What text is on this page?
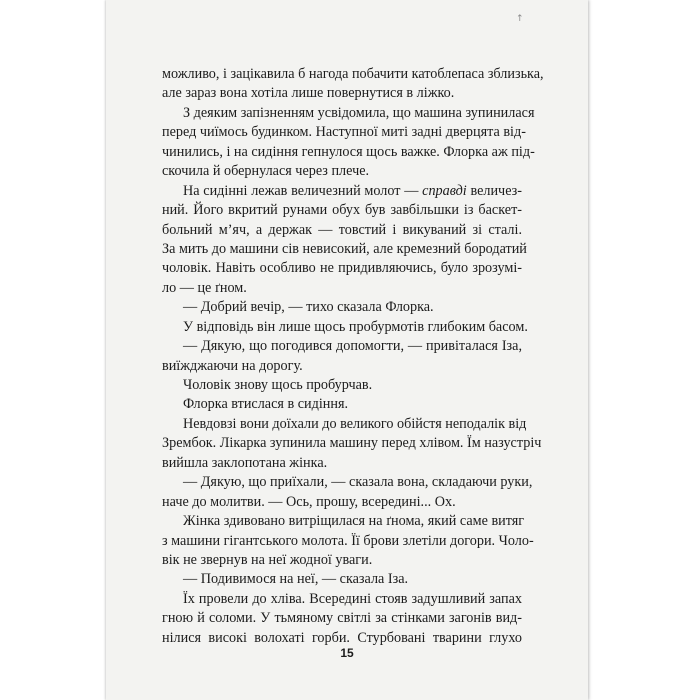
↑
можливо, і зацікавила б нагода побачити катоблепаса зблизька,
але зараз вона хотіла лише повернутися в ліжко.
З деяким запізненням усвідомила, що машина зупинилася
перед чиїмось будинком. Наступної миті задні дверцята від-
чинились, і на сидіння гепнулося щось важке. Флорка аж під-
скочила й обернулася через плече.
На сидінні лежав величезний молот — справді величез-
ний. Його вкритий рунами обух був завбільшки із баскет-
больний м’яч, а держак — товстий і викуваний зі сталі.
За мить до машини сів невисокий, але кремезний бородатий
чоловік. Навіть особливо не придивляючись, було зрозумі-
ло — це ґном.
— Добрий вечір, — тихо сказала Флорка.
У відповідь він лише щось пробурмотів глибоким басом.
— Дякую, що погодився допомогти, — привіталася Іза,
виїжджаючи на дорогу.
Чоловік знову щось пробурчав.
Флорка втислася в сидіння.
Невдовзі вони доїхали до великого обійстя неподалік від
Зрембок. Лікарка зупинила машину перед хлівом. Їм назустріч
вийшла заклопотана жінка.
— Дякую, що приїхали, — сказала вона, складаючи руки,
наче до молитви. — Ось, прошу, всередині... Ох.
Жінка здивовано витріщилася на ґнома, який саме витяг
з машини гігантського молота. Її брови злетіли догори. Чоло-
вік не звернув на неї жодної уваги.
— Подивимося на неї, — сказала Іза.
Їх провели до хліва. Всередині стояв задушливий запах
гною й соломи. У тьмяному світлі за стінками загонів вид-
нілися високі волохаті горби. Стурбовані тварини глухо
15
